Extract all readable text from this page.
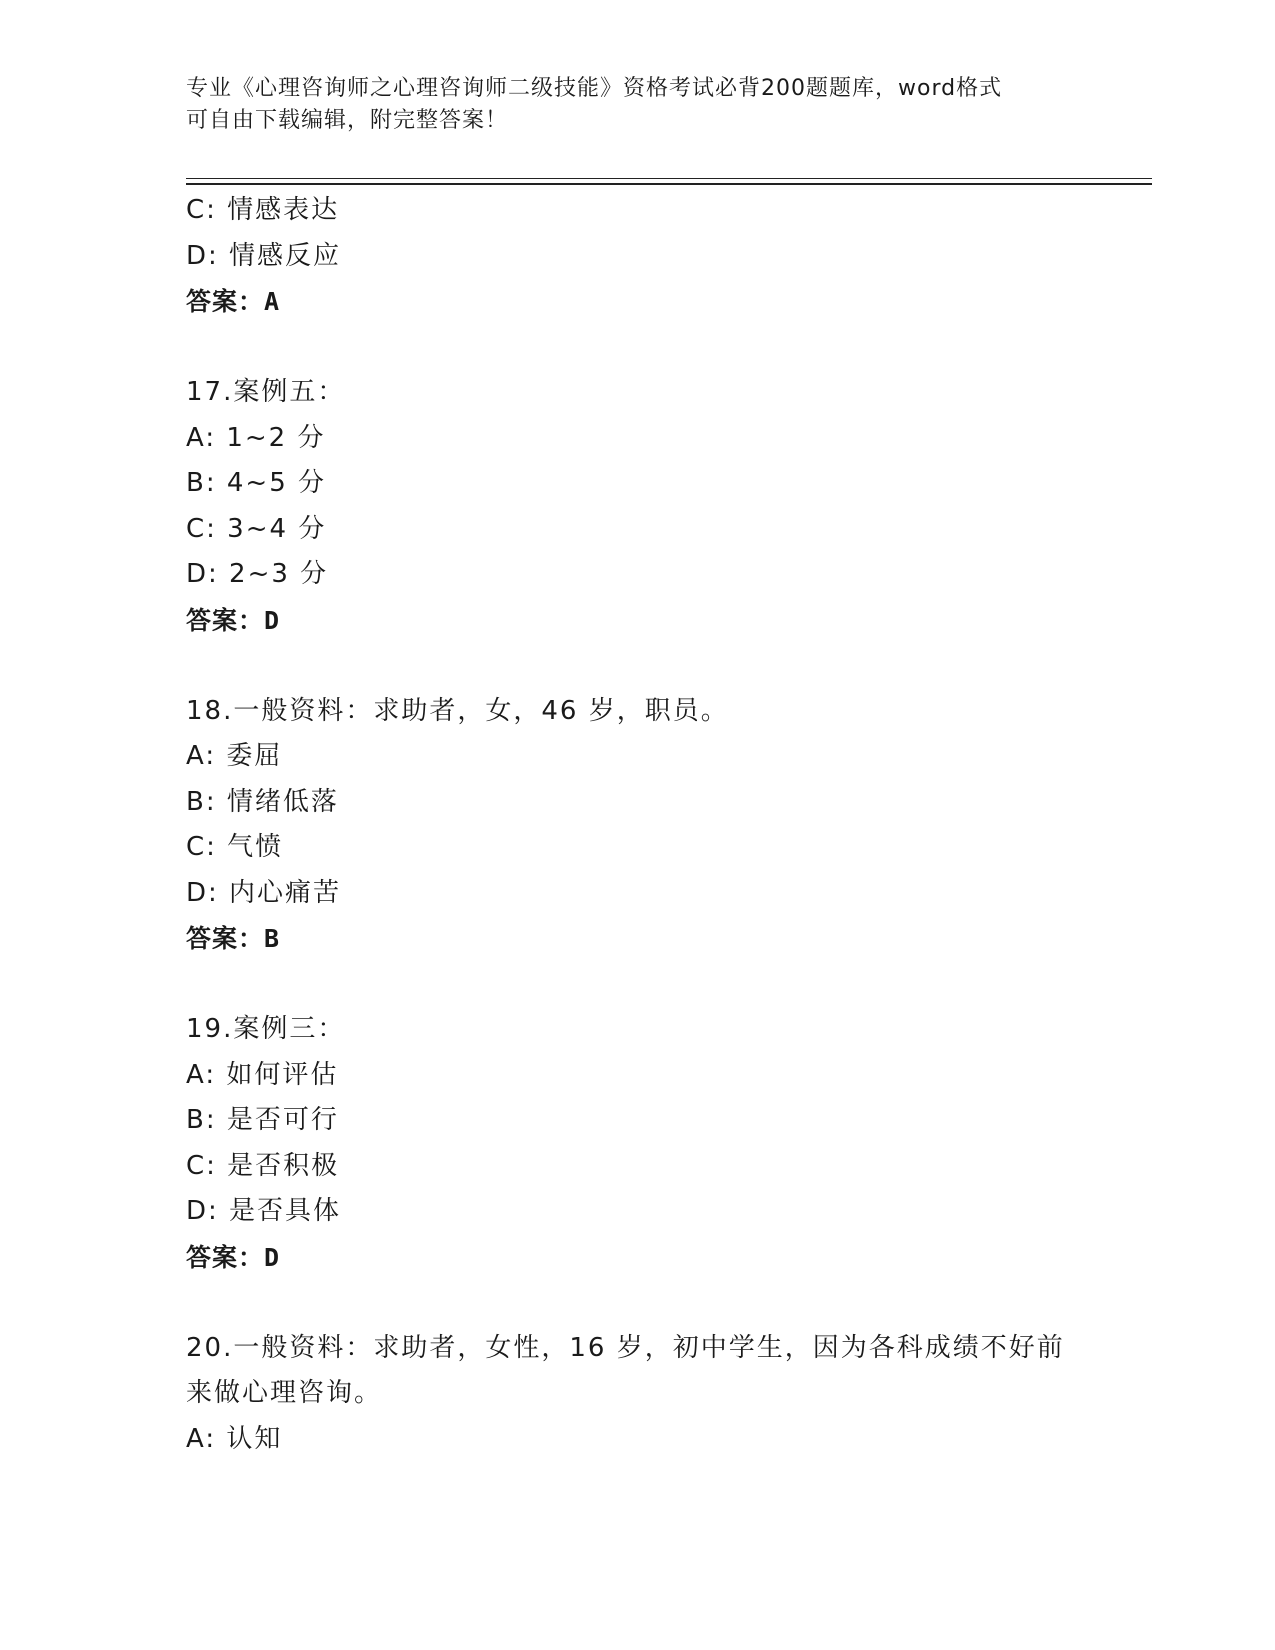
专业《心理咨询师之心理咨询师二级技能》资格考试必背200题题库，word格式
可自由下载编辑，附完整答案！
C: 情感表达
D: 情感反应
答案：A
17.案例五：
A: 1~2 分
B: 4~5 分
C: 3~4 分
D: 2~3 分
答案：D
18.一般资料：求助者，女，46 岁，职员。
A: 委屈
B: 情绪低落
C: 气愤
D: 内心痛苦
答案：B
19.案例三：
A: 如何评估
B: 是否可行
C: 是否积极
D: 是否具体
答案：D
20.一般资料：求助者，女性，16 岁，初中学生，因为各科成绩不好前
来做心理咨询。
A: 认知
